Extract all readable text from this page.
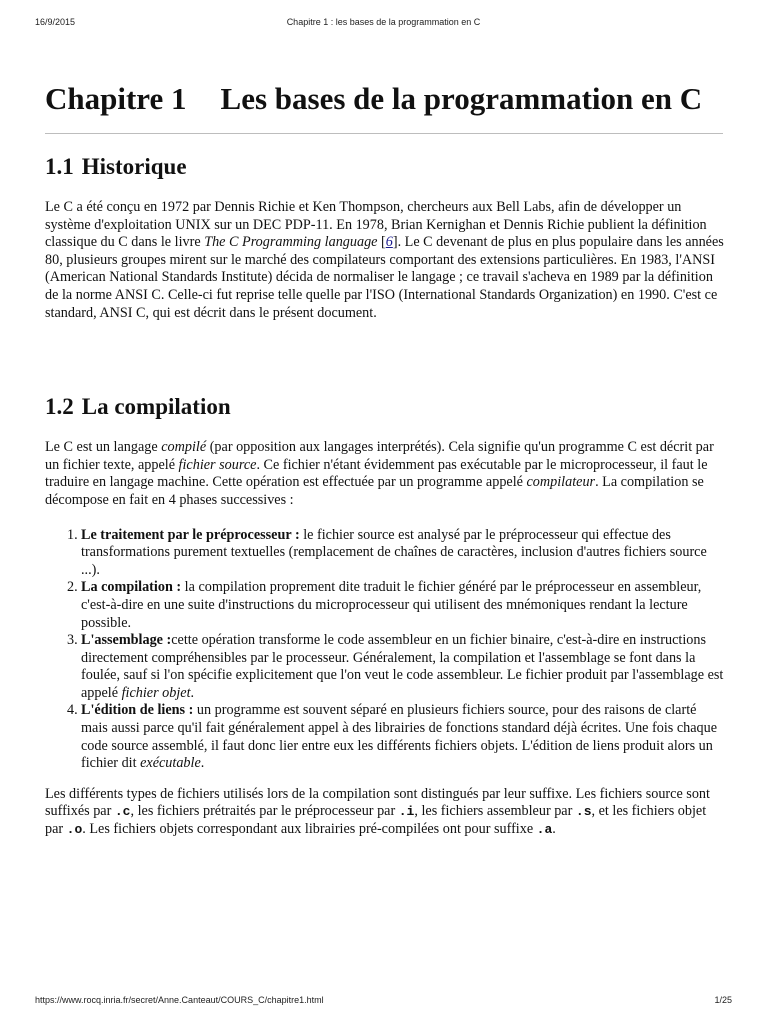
16/9/2015	Chapitre 1 : les bases de la programmation en C
Chapitre 1 Les bases de la programmation en C
1.1 Historique

Le C a été conçu en 1972 par Dennis Richie et Ken Thompson, chercheurs aux Bell Labs, afin de développer un système d'exploitation UNIX sur un DEC PDP-11. En 1978, Brian Kernighan et Dennis Richie publient la définition classique du C dans le livre The C Programming language [6]. Le C devenant de plus en plus populaire dans les années 80, plusieurs groupes mirent sur le marché des compilateurs comportant des extensions particulières. En 1983, l'ANSI (American National Standards Institute) décida de normaliser le langage ; ce travail s'acheva en 1989 par la définition de la norme ANSI C. Celle-ci fut reprise telle quelle par l'ISO (International Standards Organization) en 1990. C'est ce standard, ANSI C, qui est décrit dans le présent document.

1.2 La compilation

Le C est un langage compilé (par opposition aux langages interprétés). Cela signifie qu'un programme C est décrit par un fichier texte, appelé fichier source. Ce fichier n'étant évidemment pas exécutable par le microprocesseur, il faut le traduire en langage machine. Cette opération est effectuée par un programme appelé compilateur. La compilation se décompose en fait en 4 phases successives :

1. Le traitement par le préprocesseur : le fichier source est analysé par le préprocesseur qui effectue des transformations purement textuelles (remplacement de chaînes de caractères, inclusion d'autres fichiers source ...).
2. La compilation : la compilation proprement dite traduit le fichier généré par le préprocesseur en assembleur, c'est-à-dire en une suite d'instructions du microprocesseur qui utilisent des mnémoniques rendant la lecture possible.
3. L'assemblage :cette opération transforme le code assembleur en un fichier binaire, c'est-à-dire en instructions directement compréhensibles par le processeur. Généralement, la compilation et l'assemblage se font dans la foulée, sauf si l'on spécifie explicitement que l'on veut le code assembleur. Le fichier produit par l'assemblage est appelé fichier objet.
4. L'édition de liens : un programme est souvent séparé en plusieurs fichiers source, pour des raisons de clarté mais aussi parce qu'il fait généralement appel à des librairies de fonctions standard déjà écrites. Une fois chaque code source assemblé, il faut donc lier entre eux les différents fichiers objets. L'édition de liens produit alors un fichier dit exécutable.

Les différents types de fichiers utilisés lors de la compilation sont distingués par leur suffixe. Les fichiers source sont suffixés par .c, les fichiers prétraités par le préprocesseur par .i, les fichiers assembleur par .s, et les fichiers objet par .o. Les fichiers objets correspondant aux librairies pré-compilées ont pour suffixe .a.

https://www.rocq.inria.fr/secret/Anne.Canteaut/COURS_C/chapitre1.html	1/25
